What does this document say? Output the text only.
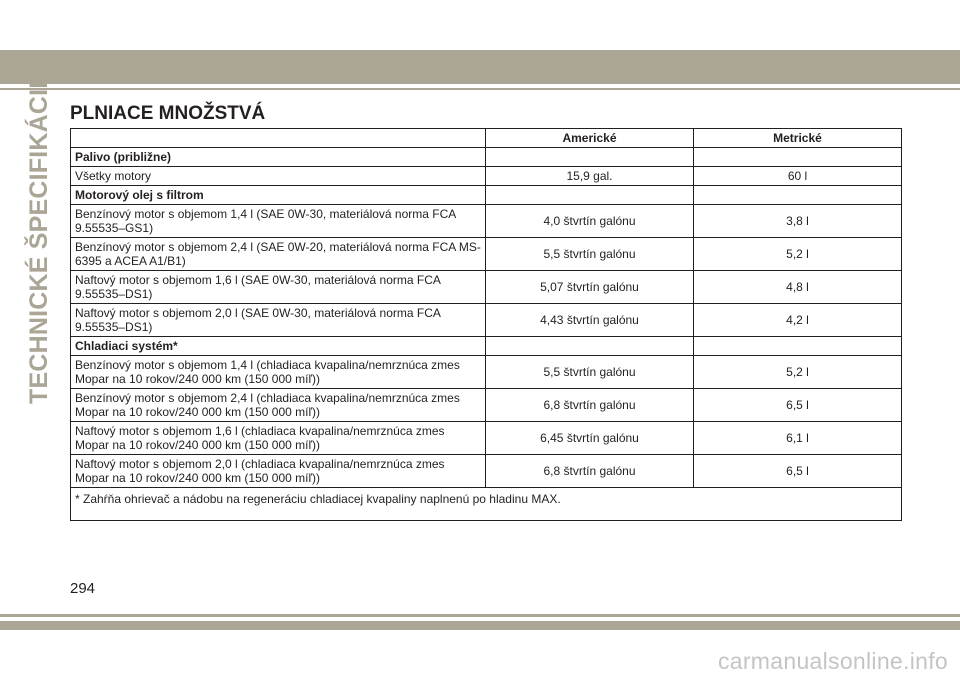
TECHNICKÉ ŠPECIFIKÁCIE PLNIACE MNOŽSTVÁ
	Americké	Metrické
Palivo (približne)		
Všetky motory	15,9 gal.	60 l
Motorový olej s filtrom		
Benzínový motor s objemom 1,4 l (SAE 0W-30, materiálová norma FCA 9.55535–GS1)	4,0 štvrtín galónu	3,8 l
Benzínový motor s objemom 2,4 l (SAE 0W-20, materiálová norma FCA MS-6395 a ACEA A1/B1)	5,5 štvrtín galónu	5,2 l
Naftový motor s objemom 1,6 l (SAE 0W-30, materiálová norma FCA 9.55535–DS1)	5,07 štvrtín galónu	4,8 l
Naftový motor s objemom 2,0 l (SAE 0W-30, materiálová norma FCA 9.55535–DS1)	4,43 štvrtín galónu	4,2 l
Chladiaci systém*		
Benzínový motor s objemom 1,4 l (chladiaca kvapalina/nemrznúca zmes Mopar na 10 rokov/240 000 km (150 000 míľ))	5,5 štvrtín galónu	5,2 l
Benzínový motor s objemom 2,4 l (chladiaca kvapalina/nemrznúca zmes Mopar na 10 rokov/240 000 km (150 000 míľ))	6,8 štvrtín galónu	6,5 l
Naftový motor s objemom 1,6 l (chladiaca kvapalina/nemrznúca zmes Mopar na 10 rokov/240 000 km (150 000 míľ))	6,45 štvrtín galónu	6,1 l
Naftový motor s objemom 2,0 l (chladiaca kvapalina/nemrznúca zmes Mopar na 10 rokov/240 000 km (150 000 míľ))	6,8 štvrtín galónu	6,5 l
* Zahŕňa ohrievač a nádobu na regeneráciu chladiacej kvapaliny naplnenú po hladinu MAX.		
294
carmanualsonline.info
